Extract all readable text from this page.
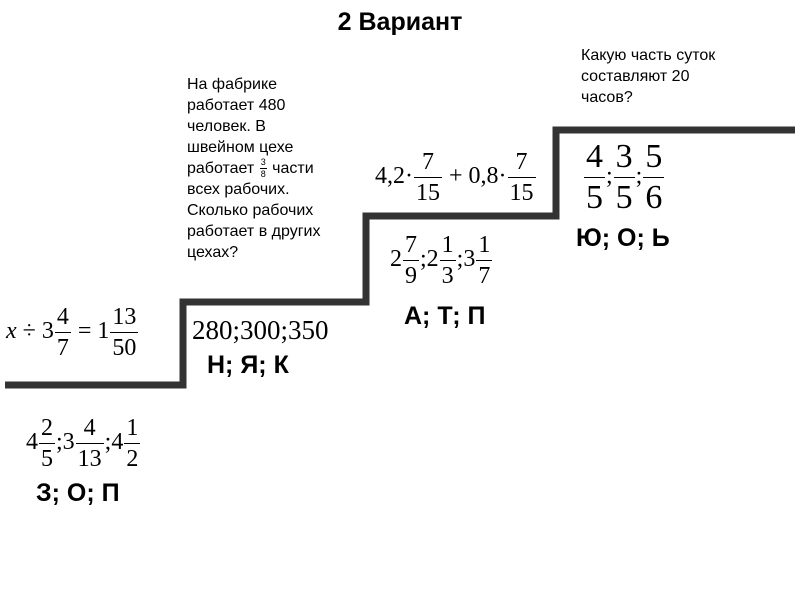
2 Вариант
На фабрике
работает 480
человек. В
швейном цехе
работает $\frac{3}{8}$ части
всех рабочих.
Сколько рабочих
работает в других
цехах?
Какую часть суток
составляют 20
часов?
$x \div 3 \frac{4}{7} = 1 \frac{13}{50}$
$4 \frac{2}{5}$ ;3 $\frac{4}{13}$ ;4 $\frac{1}{2}$
З; О; П
280;300;350
Н; Я; К
$4,2\cdot \frac{7}{15} + 0,8\cdot \frac{7}{15}$
$2 \frac{7}{9}$ ;2 $\frac{1}{3}$ ;3 $\frac{1}{7}$
А; Т; П
$\frac{4}{5}$ ; $\frac{3}{5}$ ; $\frac{5}{6}$
Ю; О; Ь
